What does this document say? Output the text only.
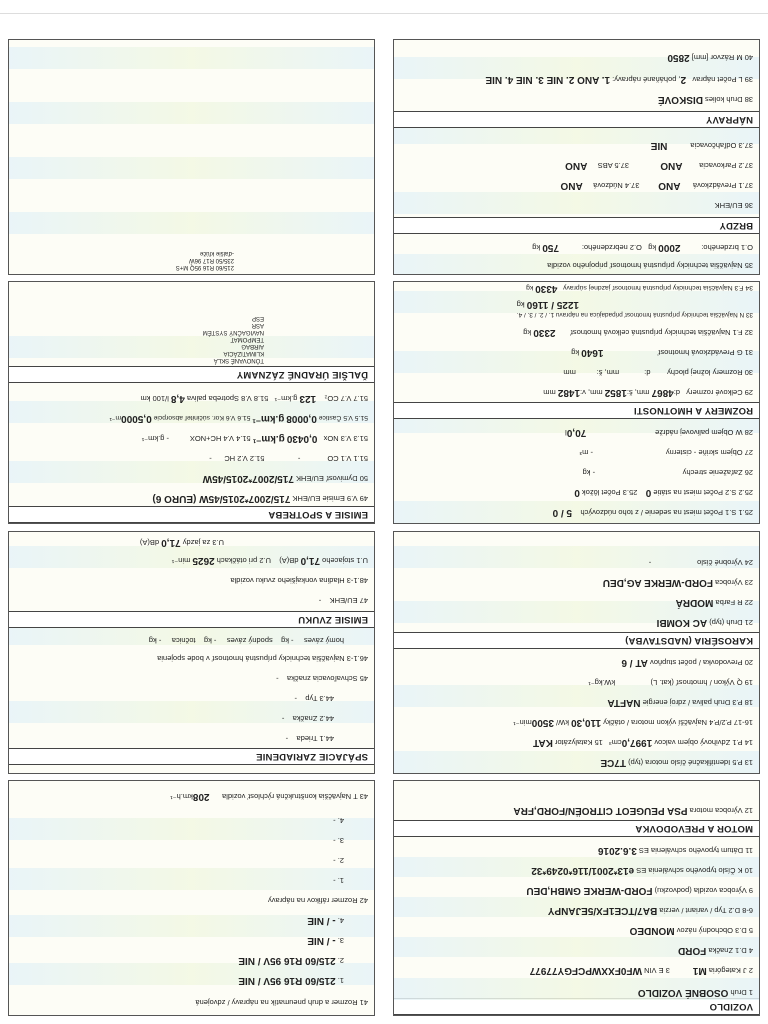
VOZIDLO
1 Druh OSOBNÉ VOZIDLO
2 J Kategória M1           3 E VIN WF0FXXWPCFGY77977
4 D.1 Značka FORD
5 D.3 Obchodný názov MONDEO
6-8 D.2 Typ / variant / verzia BA7/TCE1FX/5EJANPY
9 Výrobca vozidla (podvozku) FORD-WERKE GMBH,DEU
10 K Číslo typového schválenia ES e13*2001/116*0249*32
11 Dátum typového schválenia ES 3.6.2016
MOTOR A PREVODOVKA
12 Výrobca motora PSA PEUGEOT CITROËN/FORD,FRA
41 Rozmer a druh pneumatík na nápravy / zdvojená
1. 215/60 R16 95V / NIE
2. 215/60 R16 95V / NIE
3. - / NIE
4. - / NIE
42 Rozmer ráfikov na nápravy
1. -
2. -
3. -
4. -
43 T Najväčšia konštrukčná rýchlosť vozidla      208km.h⁻¹
13 P.5 Identifikačné číslo motora (typ) T7CE
14 P.1 Zdvihový objem valcov 1997,0cm³   15 Katalyzátor KAT
16-17 P.2/P.4 Najväčší výkon motora / otáčky 110,30 kW/ 3500min⁻¹
18 P.3 Druh paliva / zdroj energie NAFTA
19 Q Výkon / hmotnosť (kat. L)                 kW.kg⁻¹
20 Prevodovka / počet stupňov AT / 6
KAROSÉRIA (NADSTAVBA)
21 Druh (typ) AC KOMBI
22 R Farba MODRÁ
23 Výrobca FORD-WERKE AG,DEU
24 Výrobné číslo                      -
SPÁJACIE ZARIADENIE
44.1 Trieda    -
44.2 Značka    -
44.3 Typ    -
45 Schvaľovacia značka    -
46.1-3 Najväčšia technicky prípustná hmotnosť v bode spojenia
homý záves     - kg    spodný záves     - kg    točnica     - kg
EMISIE ZVUKU
47 EU/EHK    -
48.1-3 Hladina vonkajšieho zvuku vozidla
U.1 stojaceho 71,0 dB(A)    U.2 pri otáčkach 2625 min⁻¹
U.3 za jazdy 71,0 dB(A)
25.1 S.1 Počet miest na sedenie / z toho núdzových    5 / 0
25.2 S.2 Počet miest na státie 0    25.3 Počet lôžok 0
26 Zaťaženie strechy                                          - kg
27 Objem skriňe - cisterny                                   - m³
28 W Objem palivovej nádrže                                 70,0l
ROZMERY A HMOTNOSTI
29 Celkové rozmery   d:4867 mm, š:1852 mm, v:1482 mm
30 Rozmery ložnej plochy        d:            mm, š:          mm
31 G Prevádzková hmotnosť                          1640 kg
32 F.1 Najväčšia technicky prípustná celková hmotnosť       2330 kg
33 N Najväčšia technicky prípustná hmotnosť pripadajúca na nápravu 1. / 2. / 3. / 4.
1225 / 1160 kg
34 F.3 Najväčšia technicky prípustná hmotnosť jazdnej súpravy   4330 kg
EMISIE A SPOTREBA
49 V.9 Emisie EU/EHK 715/2007*2015/45W (EURO 6)
50 Dymivosť EU/EHK 715/2007*2015/45W
51.1 V.1 CO             -                51.2 V.2 HC      -
51.3 V.3 NOx   0,0430 g.km⁻¹ 51.4 V.4 HC+NOX          - g.km⁻¹
51.5 V.5 Častice 0,0008 g.km⁻¹ 51.6 V.6 Kor. súčiniteľ absorpcie 0,5000m⁻¹
51.7 V.7 CO₂    123 g.km⁻¹   51.8 V.8 Spotreba paliva 4,8 l/100 km
ĎALŠIE ÚRADNÉ ZÁZNAMY
TÓNOVANÉ SKLÁ
KLIMATIZÁCIA
AIRBAG
TEMPOMAT
NAVIGAČNÝ SYSTÉM
ASR
ESP
35 Najväčšia technicky prípustná hmotnosť pripojného vozidla
O.1 brzdeného:          2000 kg   O.2 nebrzdeného:           750 kg
BRZDY
36 EU/EHK
37.1 Prevádzková      ANO         37.4 Núdzová     ANO
37.2 Parkovacia        ANO               37.5 ABS     ANO
37.3 Odľahčovacia           NIE
NÁPRAVY
38 Druh kolies DISKOVÉ
39 L Počet náprav   2, poháňané nápravy: 1. ANO 2. NIE 3. NIE 4. NIE
40 M Rázvor [mm] 2850
215/60 R16 95Q M+S
235/50 R17 96W
-ďalšie kľúče
